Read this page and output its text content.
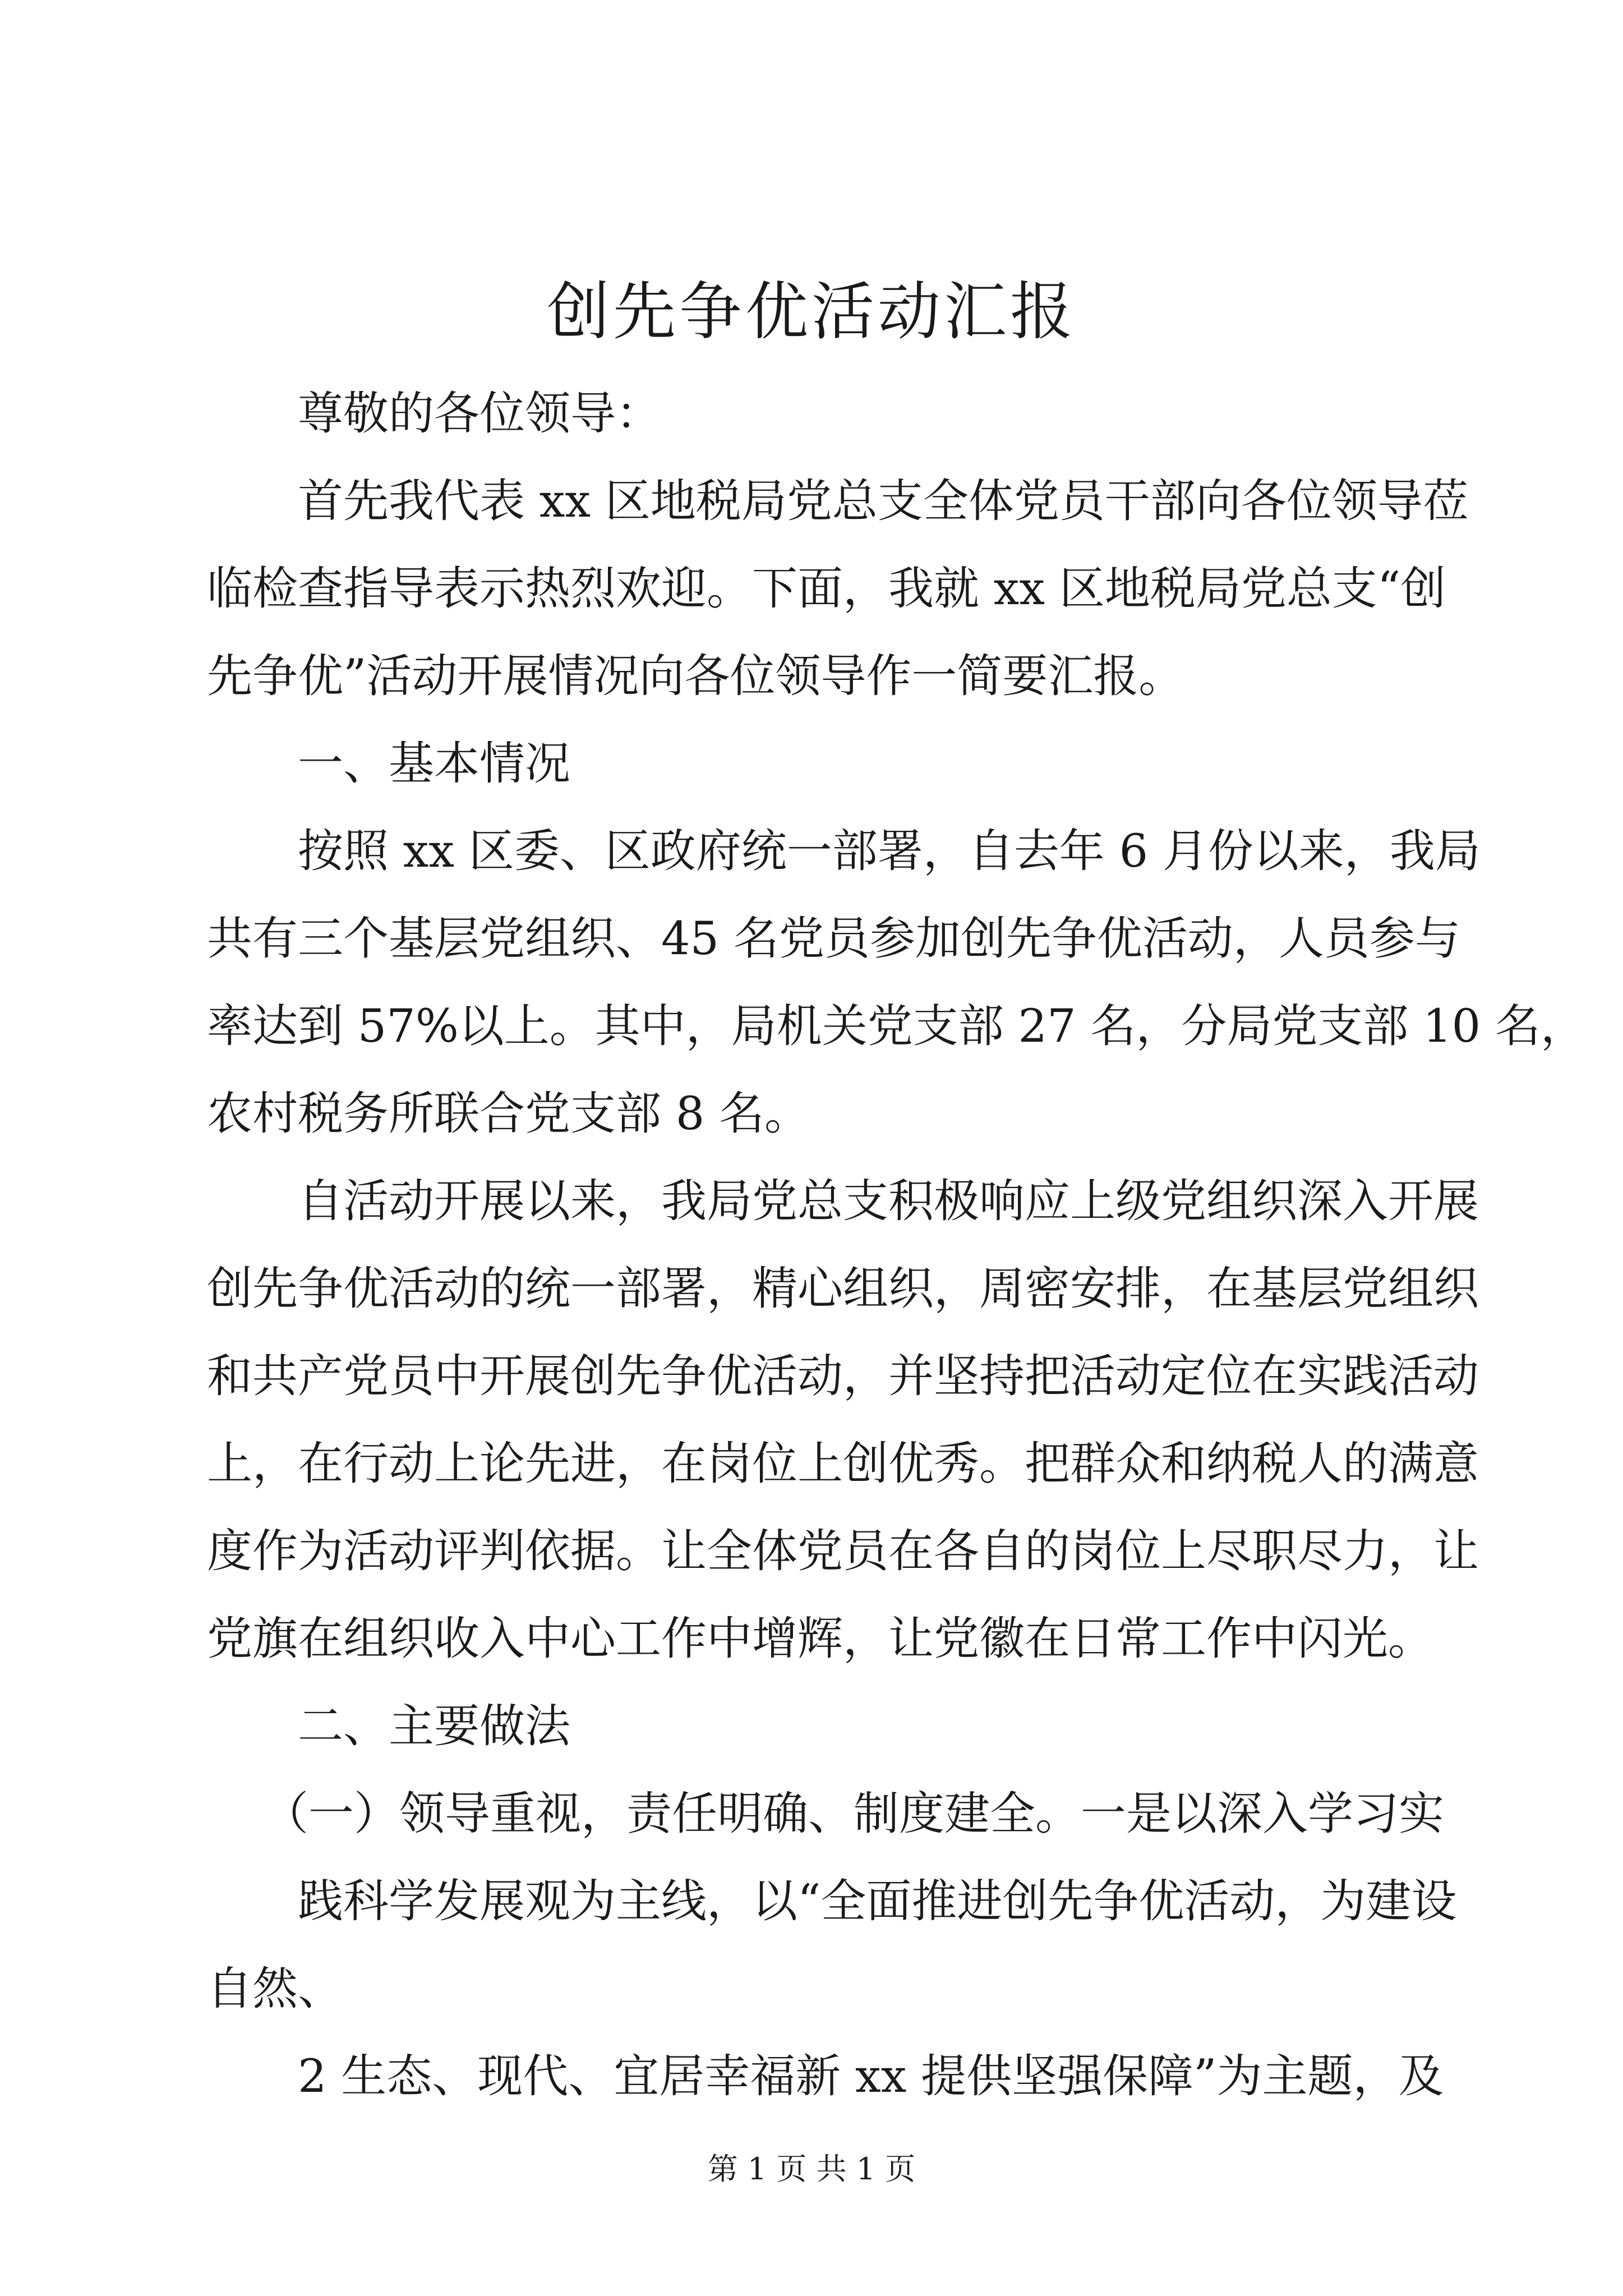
创先争优活动汇报
尊敬的各位领导：
首先我代表 xx 区地税局党总支全体党员干部向各位领导莅
临检查指导表示热烈欢迎。下面，我就 xx 区地税局党总支“创
先争优”活动开展情况向各位领导作一简要汇报。
一、基本情况
按照 xx 区委、区政府统一部署，自去年 6 月份以来，我局
共有三个基层党组织、45 名党员参加创先争优活动，人员参与
率达到 57%以上。其中，局机关党支部 27 名，分局党支部 10 名，
农村税务所联合党支部 8 名。
自活动开展以来，我局党总支积极响应上级党组织深入开展
创先争优活动的统一部署，精心组织，周密安排，在基层党组织
和共产党员中开展创先争优活动，并坚持把活动定位在实践活动
上，在行动上论先进，在岗位上创优秀。把群众和纳税人的满意
度作为活动评判依据。让全体党员在各自的岗位上尽职尽力，让
党旗在组织收入中心工作中增辉，让党徽在日常工作中闪光。
二、主要做法
（一）领导重视，责任明确、制度建全。一是以深入学习实
践科学发展观为主线，以“全面推进创先争优活动，为建设
自然、
2 生态、现代、宜居幸福新 xx 提供坚强保障”为主题，及
第 1 页 共 1 页
